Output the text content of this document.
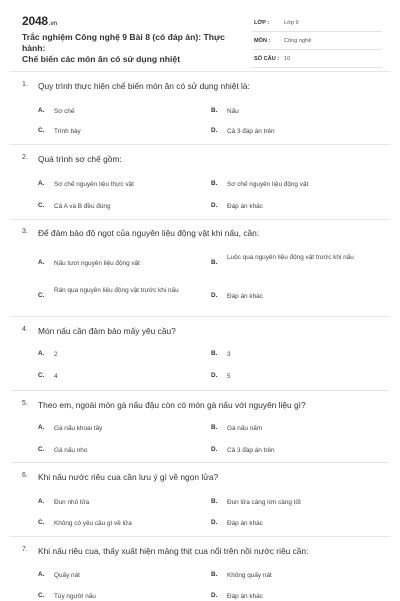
2048.vn
Trắc nghiệm Công nghệ 9 Bài 8 (có đáp án): Thực hành:
Chế biến các món ăn có sử dụng nhiệt
LỚP :	Lớp 9
MÔN : Công nghệ
SỐ CÂU : 10
1. Quy trình thực hiện chế biến món ăn có sử dụng nhiệt là:
A. Sơ chế	B. Nấu
C. Trình bày	D. Cả 3 đáp án trên
2. Quá trình sơ chế gồm:
A. Sơ chế nguyên liệu thực vật	B. Sơ chế nguyên liệu động vật
C. Cả A và B đều đúng	D. Đáp án khác
3. Để đảm bảo độ ngọt của nguyên liệu động vật khi nấu, cần:
A. Nấu tươi nguyên liệu động vật	B.
Luộc qua nguyên liệu động vật trước khi nấu
C.
Rán qua nguyên liệu động vật trước khi nấu
D. Đáp án khác
4. Món nấu cần đảm bảo mấy yêu cầu?
A. 2	B. 3
C. 4	D. 5
5. Theo em, ngoài món gà nấu đậu còn có món gà nấu với nguyên liệu gì?
A. Gà nấu khoai tây	B. Gà nấu nấm
C. Gà nấu nho	D. Cả 3 đáp án trên
6. Khi nấu nước riêu cua cần lưu ý gì về ngọn lửa?
A. Đun nhỏ lửa	B. Đun lửa càng lớn càng tốt
C. Không có yêu cầu gì về lửa	D. Đáp án khác
7. Khi nấu riêu cua, thấy xuất hiện mảng thịt cua nổi trên nồi nước riêu cần:
A. Quấy nát	B. Không quấy nát
C. Tùy người nấu	D. Đáp án khác
